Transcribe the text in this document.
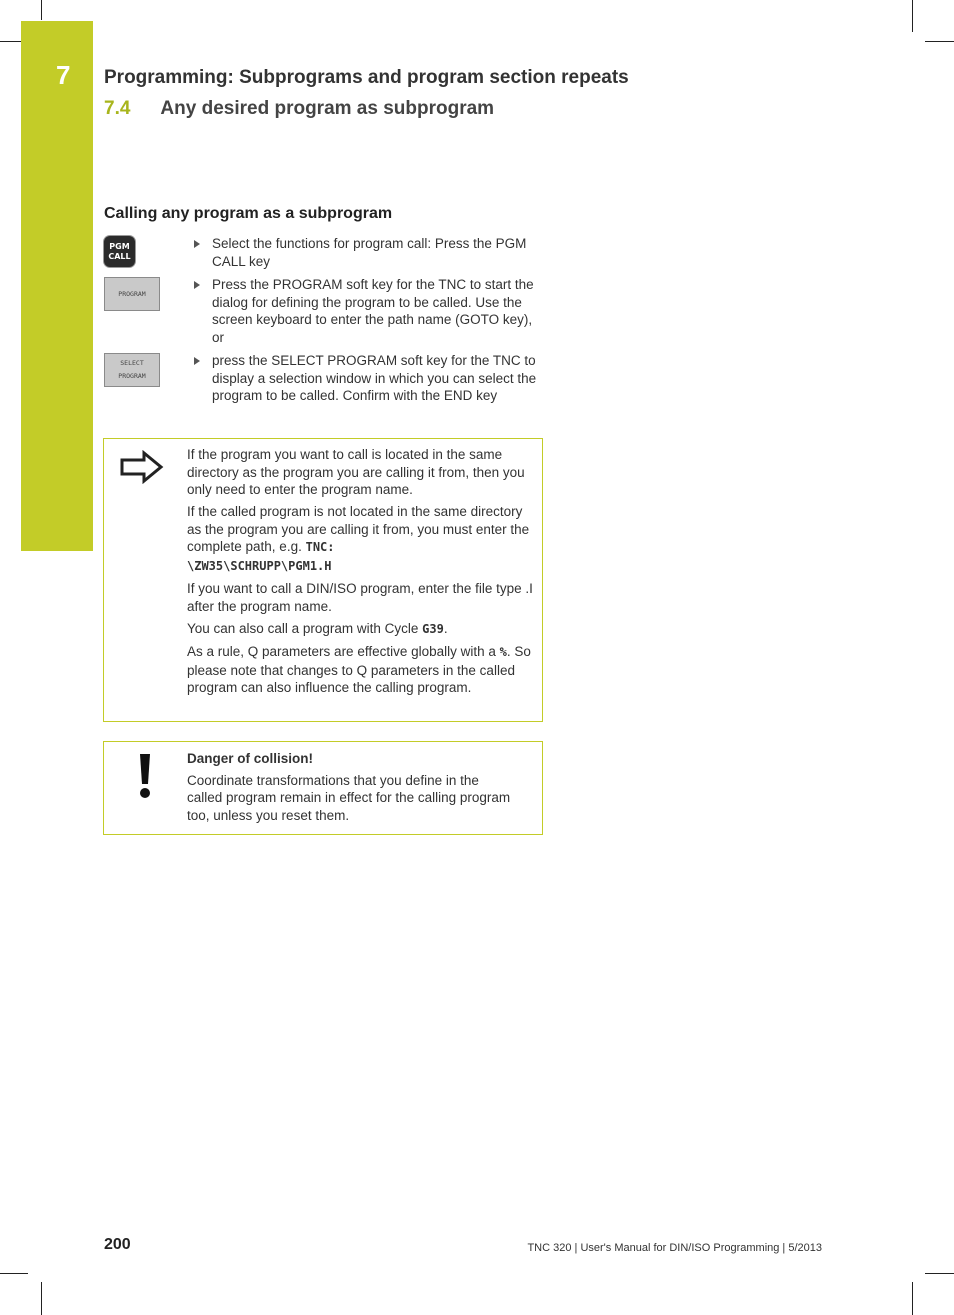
7 Programming: Subprograms and program section repeats
7.4 Any desired program as subprogram
Calling any program as a subprogram
PGM
CALL
PROGRAM
SELECT
PROGRAM
Select the functions for program call: Press the PGM CALL key
Press the PROGRAM soft key for the TNC to start the dialog for defining the program to be called. Use the screen keyboard to enter the path name (GOTO key), or
press the SELECT PROGRAM soft key for the TNC to display a selection window in which you can select the program to be called. Confirm with the END key

If the program you want to call is located in the same directory as the program you are calling it from, then you only need to enter the program name.

If the called program is not located in the same directory as the program you are calling it from, you must enter the complete path, e.g. TNC:
\ZW35\SCHRUPP\PGM1.H

If you want to call a DIN/ISO program, enter the file type .I after the program name.

You can also call a program with Cycle G39.

As a rule, Q parameters are effective globally with a %. So please note that changes to Q parameters in the called program can also influence the calling program.

Danger of collision!

Coordinate transformations that you define in the called program remain in effect for the calling program too, unless you reset them.

200	TNC 320 | User's Manual for DIN/ISO Programming | 5/2013
